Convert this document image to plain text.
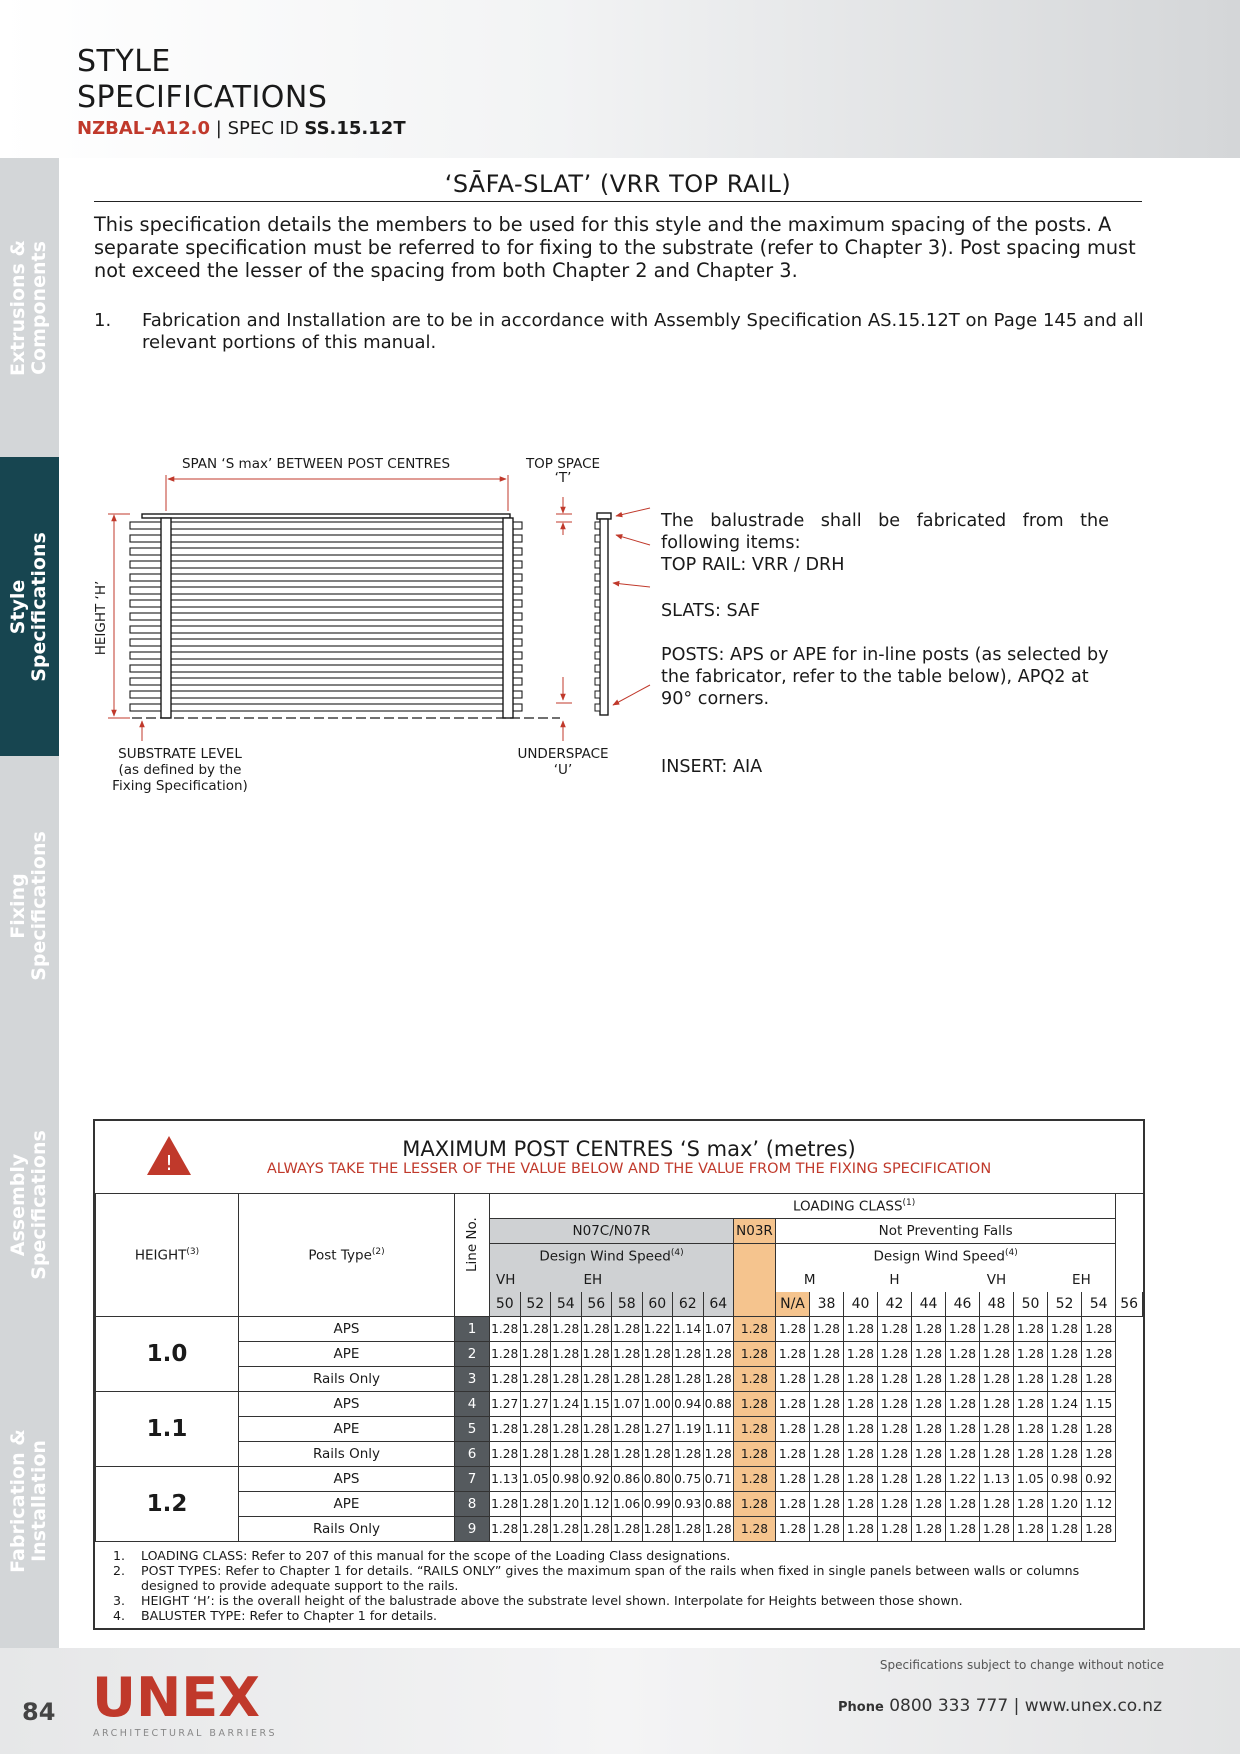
STYLE
SPECIFICATIONS
NZBAL-A12.0 | SPEC ID SS.15.12T
Extrusions & Components
Style Specifications
Fixing Specifications
Assembly Specifications
Fabrication & Installation
‘SĀFA-SLAT’ (VRR TOP RAIL)
This specification details the members to be used for this style and the maximum spacing of the posts. A separate specification must be referred to for fixing to the substrate (refer to Chapter 3). Post spacing must not exceed the lesser of the spacing from both Chapter 2 and Chapter 3.
1. Fabrication and Installation are to be in accordance with Assembly Specification AS.15.12T on Page 145 and all relevant portions of this manual.
SPAN ‘S max’ BETWEEN POST CENTRES	TOP SPACE
‘T’
HEIGHT ‘H’
SUBSTRATE LEVEL
(as defined by the
Fixing Specification)
UNDERSPACE
‘U’
The balustrade shall be fabricated from the following items:
TOP RAIL: VRR / DRH
SLATS: SAF
POSTS: APS or APE for in-line posts (as selected by the fabricator, refer to the table below), APQ2 at 90° corners.
INSERT: AIA
!
MAXIMUM POST CENTRES ‘S max’ (metres)
ALWAYS TAKE THE LESSER OF THE VALUE BELOW AND THE VALUE FROM THE FIXING SPECIFICATION
HEIGHT$^{(3)}$	Post Type$^{(2)}$	Line No.	LOADING CLASS$^{(1)}$
			N07C/N07R								N03R	Not Preventing Falls										
			Design Wind Speed$^{(4)}$									Design Wind Speed$^{(4)}$
			VH		EH							M		H			VH			EH		
			50	52	54	56	58	60	62	64		N/A	38	40	42	44	46	48	50	52	54	56
1.0	APS	1	1.28	1.28	1.28	1.28	1.28	1.22	1.14	1.07	1.28	1.28	1.28	1.28	1.28	1.28	1.28	1.28	1.28	1.28	1.28	
	APE	2	1.28	1.28	1.28	1.28	1.28	1.28	1.28	1.28	1.28	1.28	1.28	1.28	1.28	1.28	1.28	1.28	1.28	1.28	1.28	
	Rails Only	3	1.28	1.28	1.28	1.28	1.28	1.28	1.28	1.28	1.28	1.28	1.28	1.28	1.28	1.28	1.28	1.28	1.28	1.28	1.28	
1.1	APS	4	1.27	1.27	1.24	1.15	1.07	1.00	0.94	0.88	1.28	1.28	1.28	1.28	1.28	1.28	1.28	1.28	1.28	1.24	1.15	
	APE	5	1.28	1.28	1.28	1.28	1.28	1.27	1.19	1.11	1.28	1.28	1.28	1.28	1.28	1.28	1.28	1.28	1.28	1.28	1.28	
	Rails Only	6	1.28	1.28	1.28	1.28	1.28	1.28	1.28	1.28	1.28	1.28	1.28	1.28	1.28	1.28	1.28	1.28	1.28	1.28	1.28	
1.2	APS	7	1.13	1.05	0.98	0.92	0.86	0.80	0.75	0.71	1.28	1.28	1.28	1.28	1.28	1.28	1.22	1.13	1.05	0.98	0.92	
	APE	8	1.28	1.28	1.20	1.12	1.06	0.99	0.93	0.88	1.28	1.28	1.28	1.28	1.28	1.28	1.28	1.28	1.28	1.20	1.12	
	Rails Only	9	1.28	1.28	1.28	1.28	1.28	1.28	1.28	1.28	1.28	1.28	1.28	1.28	1.28	1.28	1.28	1.28	1.28	1.28	1.28	
1.	LOADING CLASS: Refer to 207 of this manual for the scope of the Loading Class designations.
2.	POST TYPES: Refer to Chapter 1 for details. “RAILS ONLY” gives the maximum span of the rails when fixed in single panels between walls or columns designed to provide adequate support to the rails.
3.	HEIGHT ‘H’: is the overall height of the balustrade above the substrate level shown. Interpolate for Heights between those shown.
4.	BALUSTER TYPE: Refer to Chapter 1 for details.
84 UNEX
ARCHITECTURAL BARRIERS
Specifications subject to change without notice
Phone 0800 333 777 | www.unex.co.nz
